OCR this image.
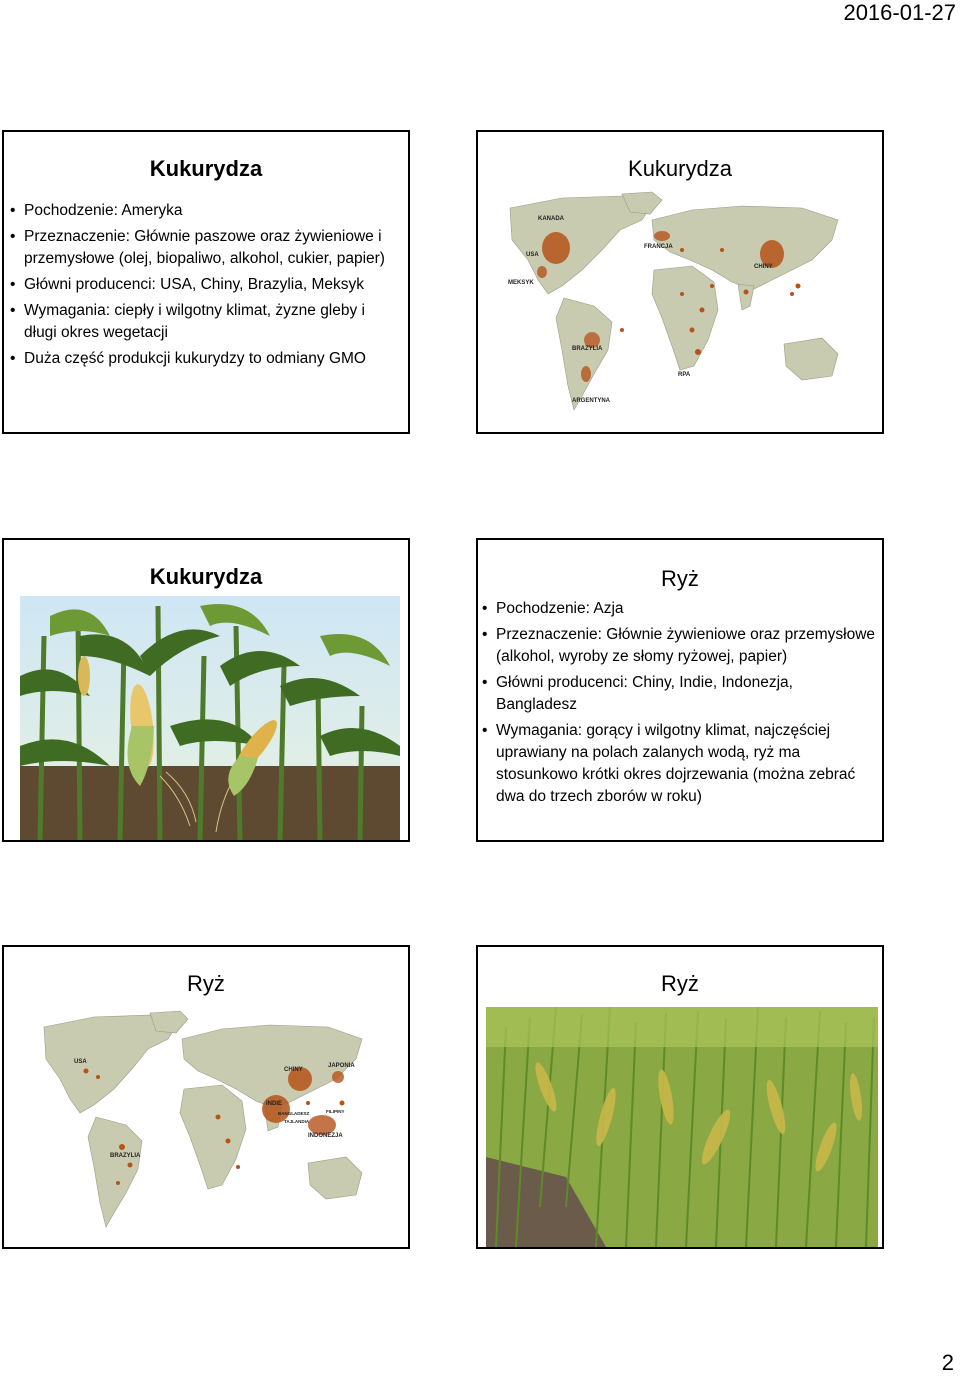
2016-01-27
Kukurydza
• Pochodzenie: Ameryka
• Przeznaczenie: Głównie paszowe oraz żywieniowe i przemysłowe (olej, biopaliwo, alkohol, cukier, papier)
• Główni producenci: USA, Chiny, Brazylia, Meksyk
• Wymagania: ciepły i wilgotny klimat, żyzne gleby i długi okres wegetacji
• Duża część produkcji kukurydzy to odmiany GMO
Kukurydza
KANADA
USA
MEKSYK
FRANCJA
CHINY
BRAZYLIA
ARGENTYNA
RPA
Kukurydza	Ryż
• Pochodzenie: Azja
• Przeznaczenie: Głównie żywieniowe oraz przemysłowe (alkohol, wyroby ze słomy ryżowej, papier)
• Główni producenci: Chiny, Indie, Indonezja, Bangladesz
• Wymagania: gorący i wilgotny klimat, najczęściej uprawiany na polach zalanych wodą, ryż ma stosunkowo krótki okres dojrzewania (można zebrać dwa do trzech zborów w roku)
Ryż
USA
CHINY
JAPONIA
INDIE
BANGLADESZ
TAJLANDIA
FILIPINY
INDONEZJA
BRAZYLIA
Ryż
2
